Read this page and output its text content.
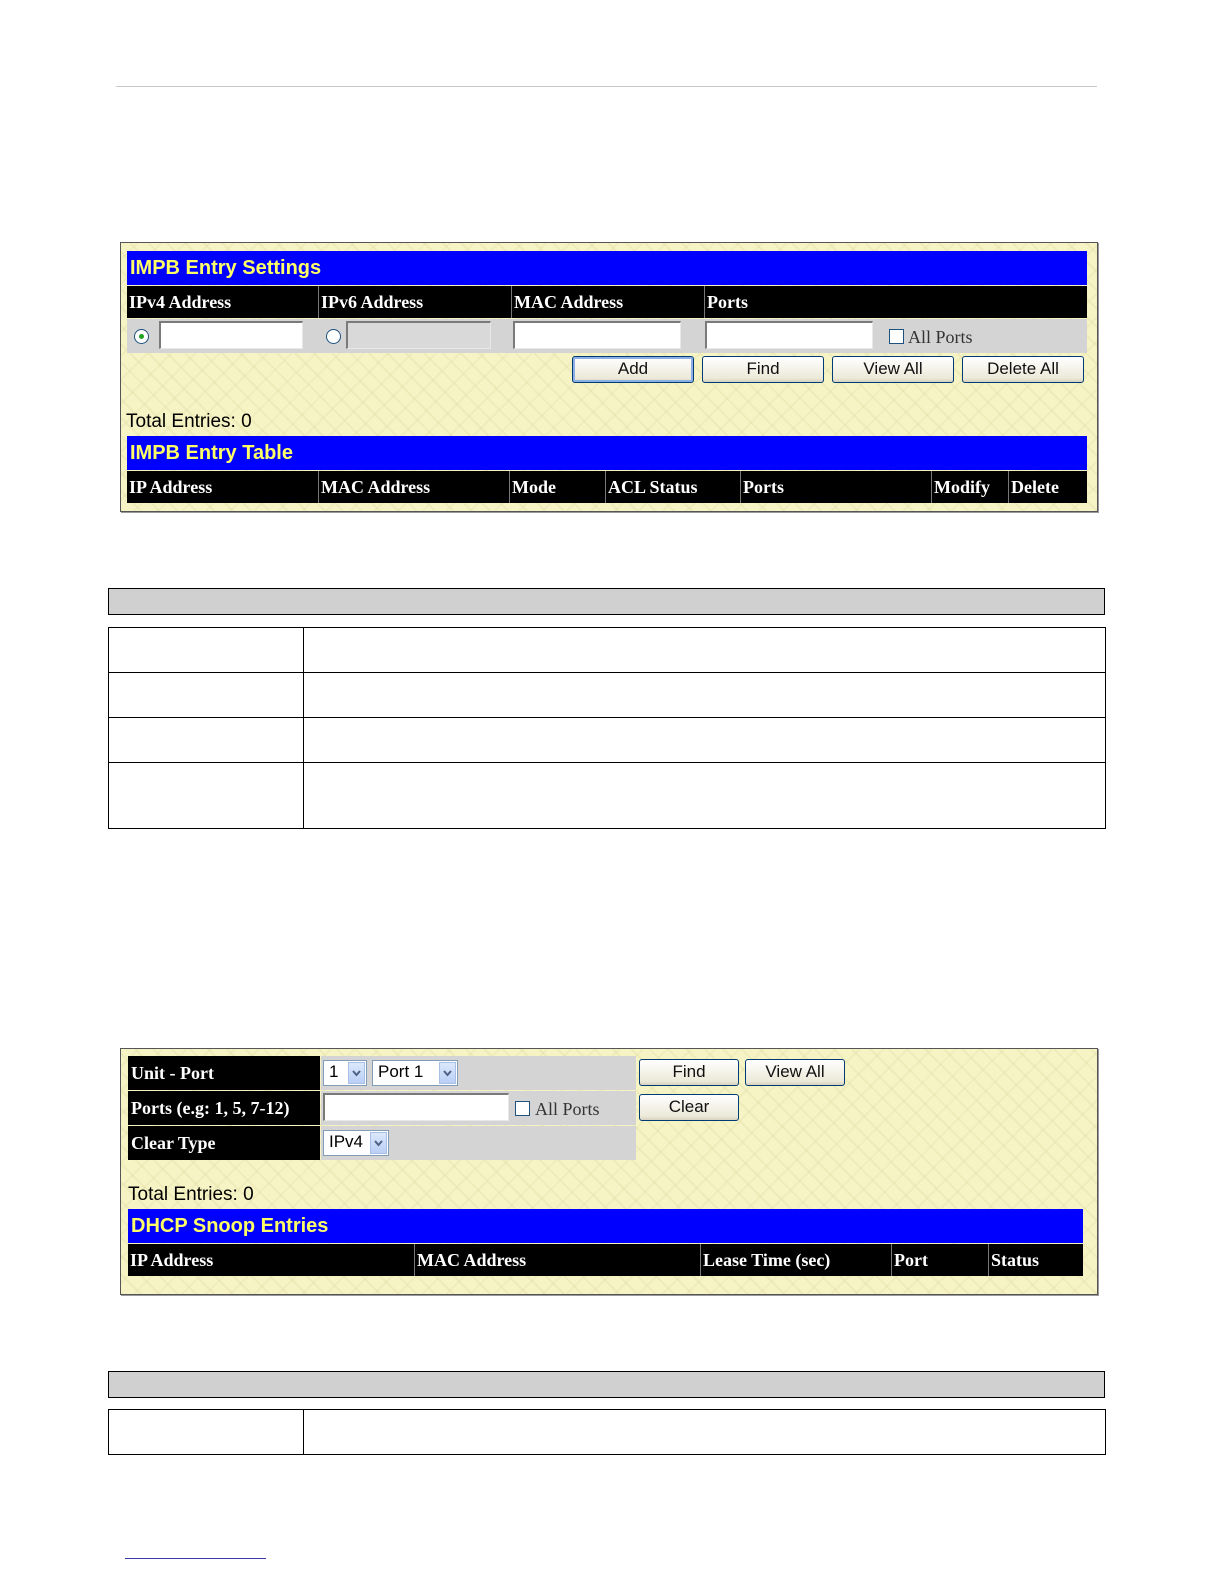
IMPB Entry Settings
IPv4 Address	IPv6 Address	MAC Address	Ports
All Ports
Add	Find	View All	Delete All
Total Entries: 0
IMPB Entry Table
IP Address	MAC Address	Mode	ACL Status	Ports	Modify	Delete

Unit - Port	1	Port 1
Ports (e.g: 1, 5, 7-12)	All Ports
Clear Type	IPv4
Find	View All
Clear
Total Entries: 0
DHCP Snoop Entries
IP Address	MAC Address	Lease Time (sec)	Port	Status
